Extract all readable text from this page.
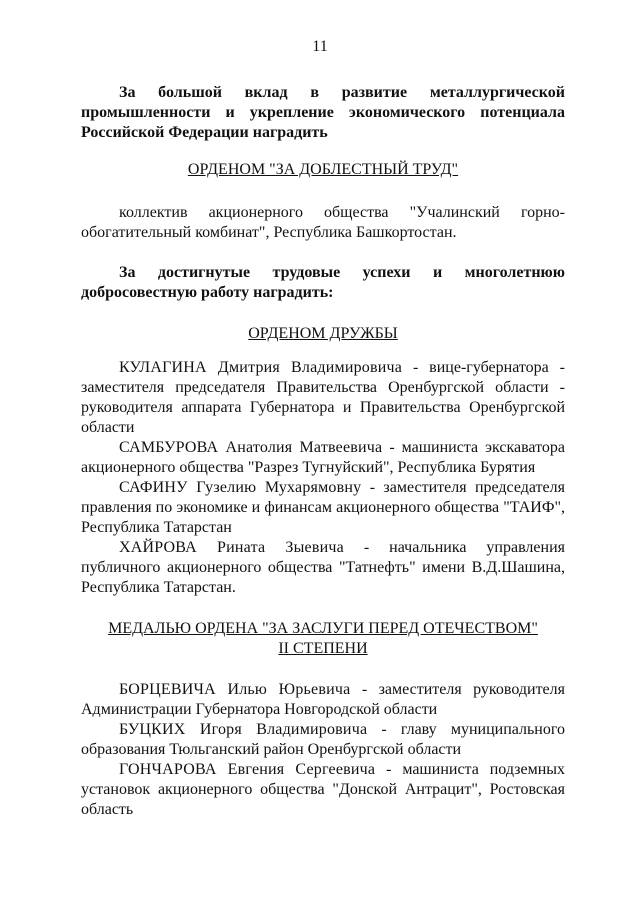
11
За большой вклад в развитие металлургической промышленности и укрепление экономического потенциала Российской Федерации наградить
ОРДЕНОМ "ЗА ДОБЛЕСТНЫЙ ТРУД"
коллектив акционерного общества "Учалинский горно-обогатительный комбинат", Республика Башкортостан.
За достигнутые трудовые успехи и многолетнюю добросовестную работу наградить:
ОРДЕНОМ ДРУЖБЫ

КУЛАГИНА Дмитрия Владимировича - вице-губернатора - заместителя председателя Правительства Оренбургской области - руководителя аппарата Губернатора и Правительства Оренбургской области

САМБУРОВА Анатолия Матвеевича - машиниста экскаватора акционерного общества "Разрез Тугнуйский", Республика Бурятия

САФИНУ Гузелию Мухарямовну - заместителя председателя правления по экономике и финансам акционерного общества "ТАИФ", Республика Татарстан

ХАЙРОВА Рината Зыевича - начальника управления публичного акционерного общества "Татнефть" имени В.Д.Шашина, Республика Татарстан.

МЕДАЛЬЮ ОРДЕНА "ЗА ЗАСЛУГИ ПЕРЕД ОТЕЧЕСТВОМ"
II СТЕПЕНИ

БОРЦЕВИЧА Илью Юрьевича - заместителя руководителя Администрации Губернатора Новгородской области

БУЦКИХ Игоря Владимировича - главу муниципального образования Тюльганский район Оренбургской области

ГОНЧАРОВА Евгения Сергеевича - машиниста подземных установок акционерного общества "Донской Антрацит", Ростовская область
